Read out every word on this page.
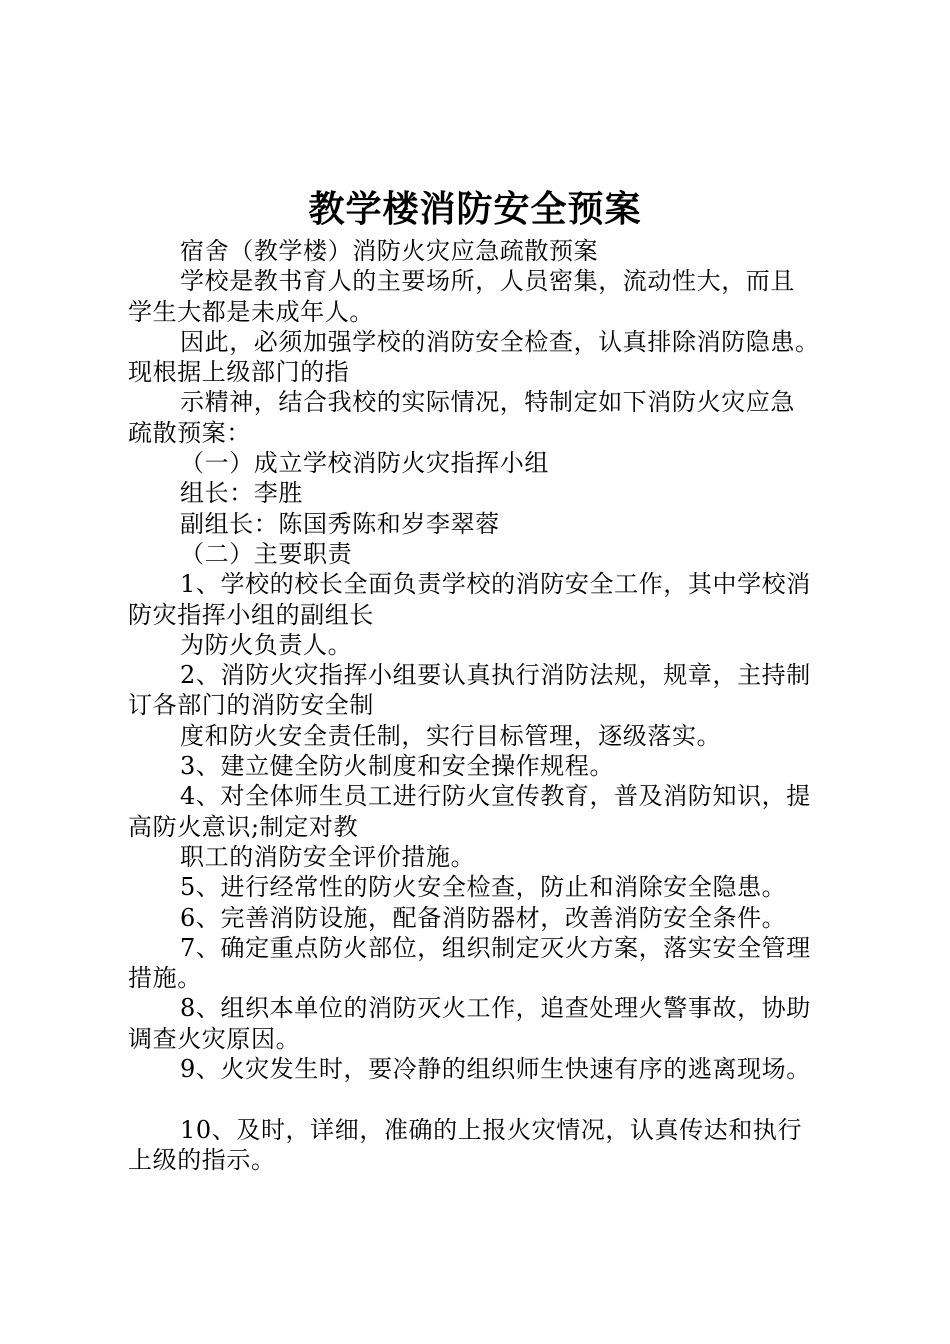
教学楼消防安全预案
宿舍（教学楼）消防火灾应急疏散预案
学校是教书育人的主要场所，人员密集，流动性大，而且
学生大都是未成年人。
因此，必须加强学校的消防安全检查，认真排除消防隐患。
现根据上级部门的指
示精神，结合我校的实际情况，特制定如下消防火灾应急
疏散预案：
（一）成立学校消防火灾指挥小组
组长：李胜
副组长：陈国秀陈和岁李翠蓉
（二）主要职责
1、学校的校长全面负责学校的消防安全工作，其中学校消
防灾指挥小组的副组长
为防火负责人。
2、消防火灾指挥小组要认真执行消防法规，规章，主持制
订各部门的消防安全制
度和防火安全责任制，实行目标管理，逐级落实。
3、建立健全防火制度和安全操作规程。
4、对全体师生员工进行防火宣传教育，普及消防知识，提
高防火意识;制定对教
职工的消防安全评价措施。
5、进行经常性的防火安全检查，防止和消除安全隐患。
6、完善消防设施，配备消防器材，改善消防安全条件。
7、确定重点防火部位，组织制定灭火方案，落实安全管理
措施。
8、组织本单位的消防灭火工作，追查处理火警事故，协助
调查火灾原因。
9、火灾发生时，要冷静的组织师生快速有序的逃离现场。
10、及时，详细，准确的上报火灾情况，认真传达和执行
上级的指示。
